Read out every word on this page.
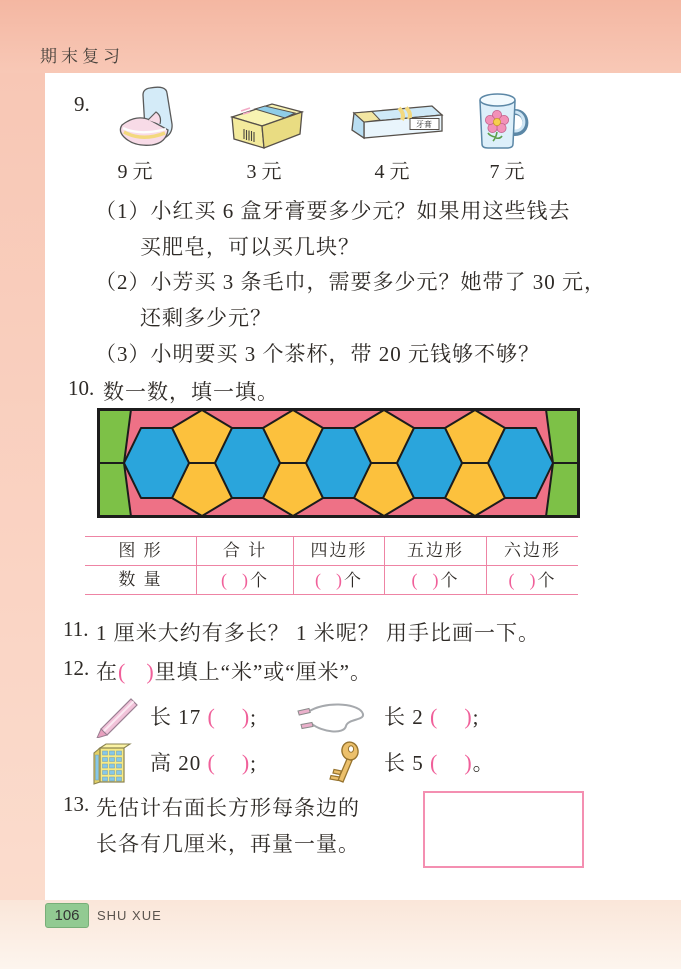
期末复习
9.
牙膏
9 元	3 元	4 元	7 元
（1）小红买 6 盒牙膏要多少元？如果用这些钱去
买肥皂，可以买几块？
（2）小芳买 3 条毛巾，需要多少元？她带了 30 元，
还剩多少元？
（3）小明要买 3 个茶杯，带 20 元钱够不够？
10. 数一数，填一填。
图 形	合 计	四边形	五边形	六边形
数 量	( )个	( )个	( )个	( )个
11. 1 厘米大约有多长？ 1 米呢？ 用手比画一下。
12. 在( )里填上“米”或“厘米”。
长 17 ( );	长 2 ( );
高 20 ( );	长 5 ( )。
13. 先估计右面长方形每条边的
长各有几厘米，再量一量。
106	SHU XUE
